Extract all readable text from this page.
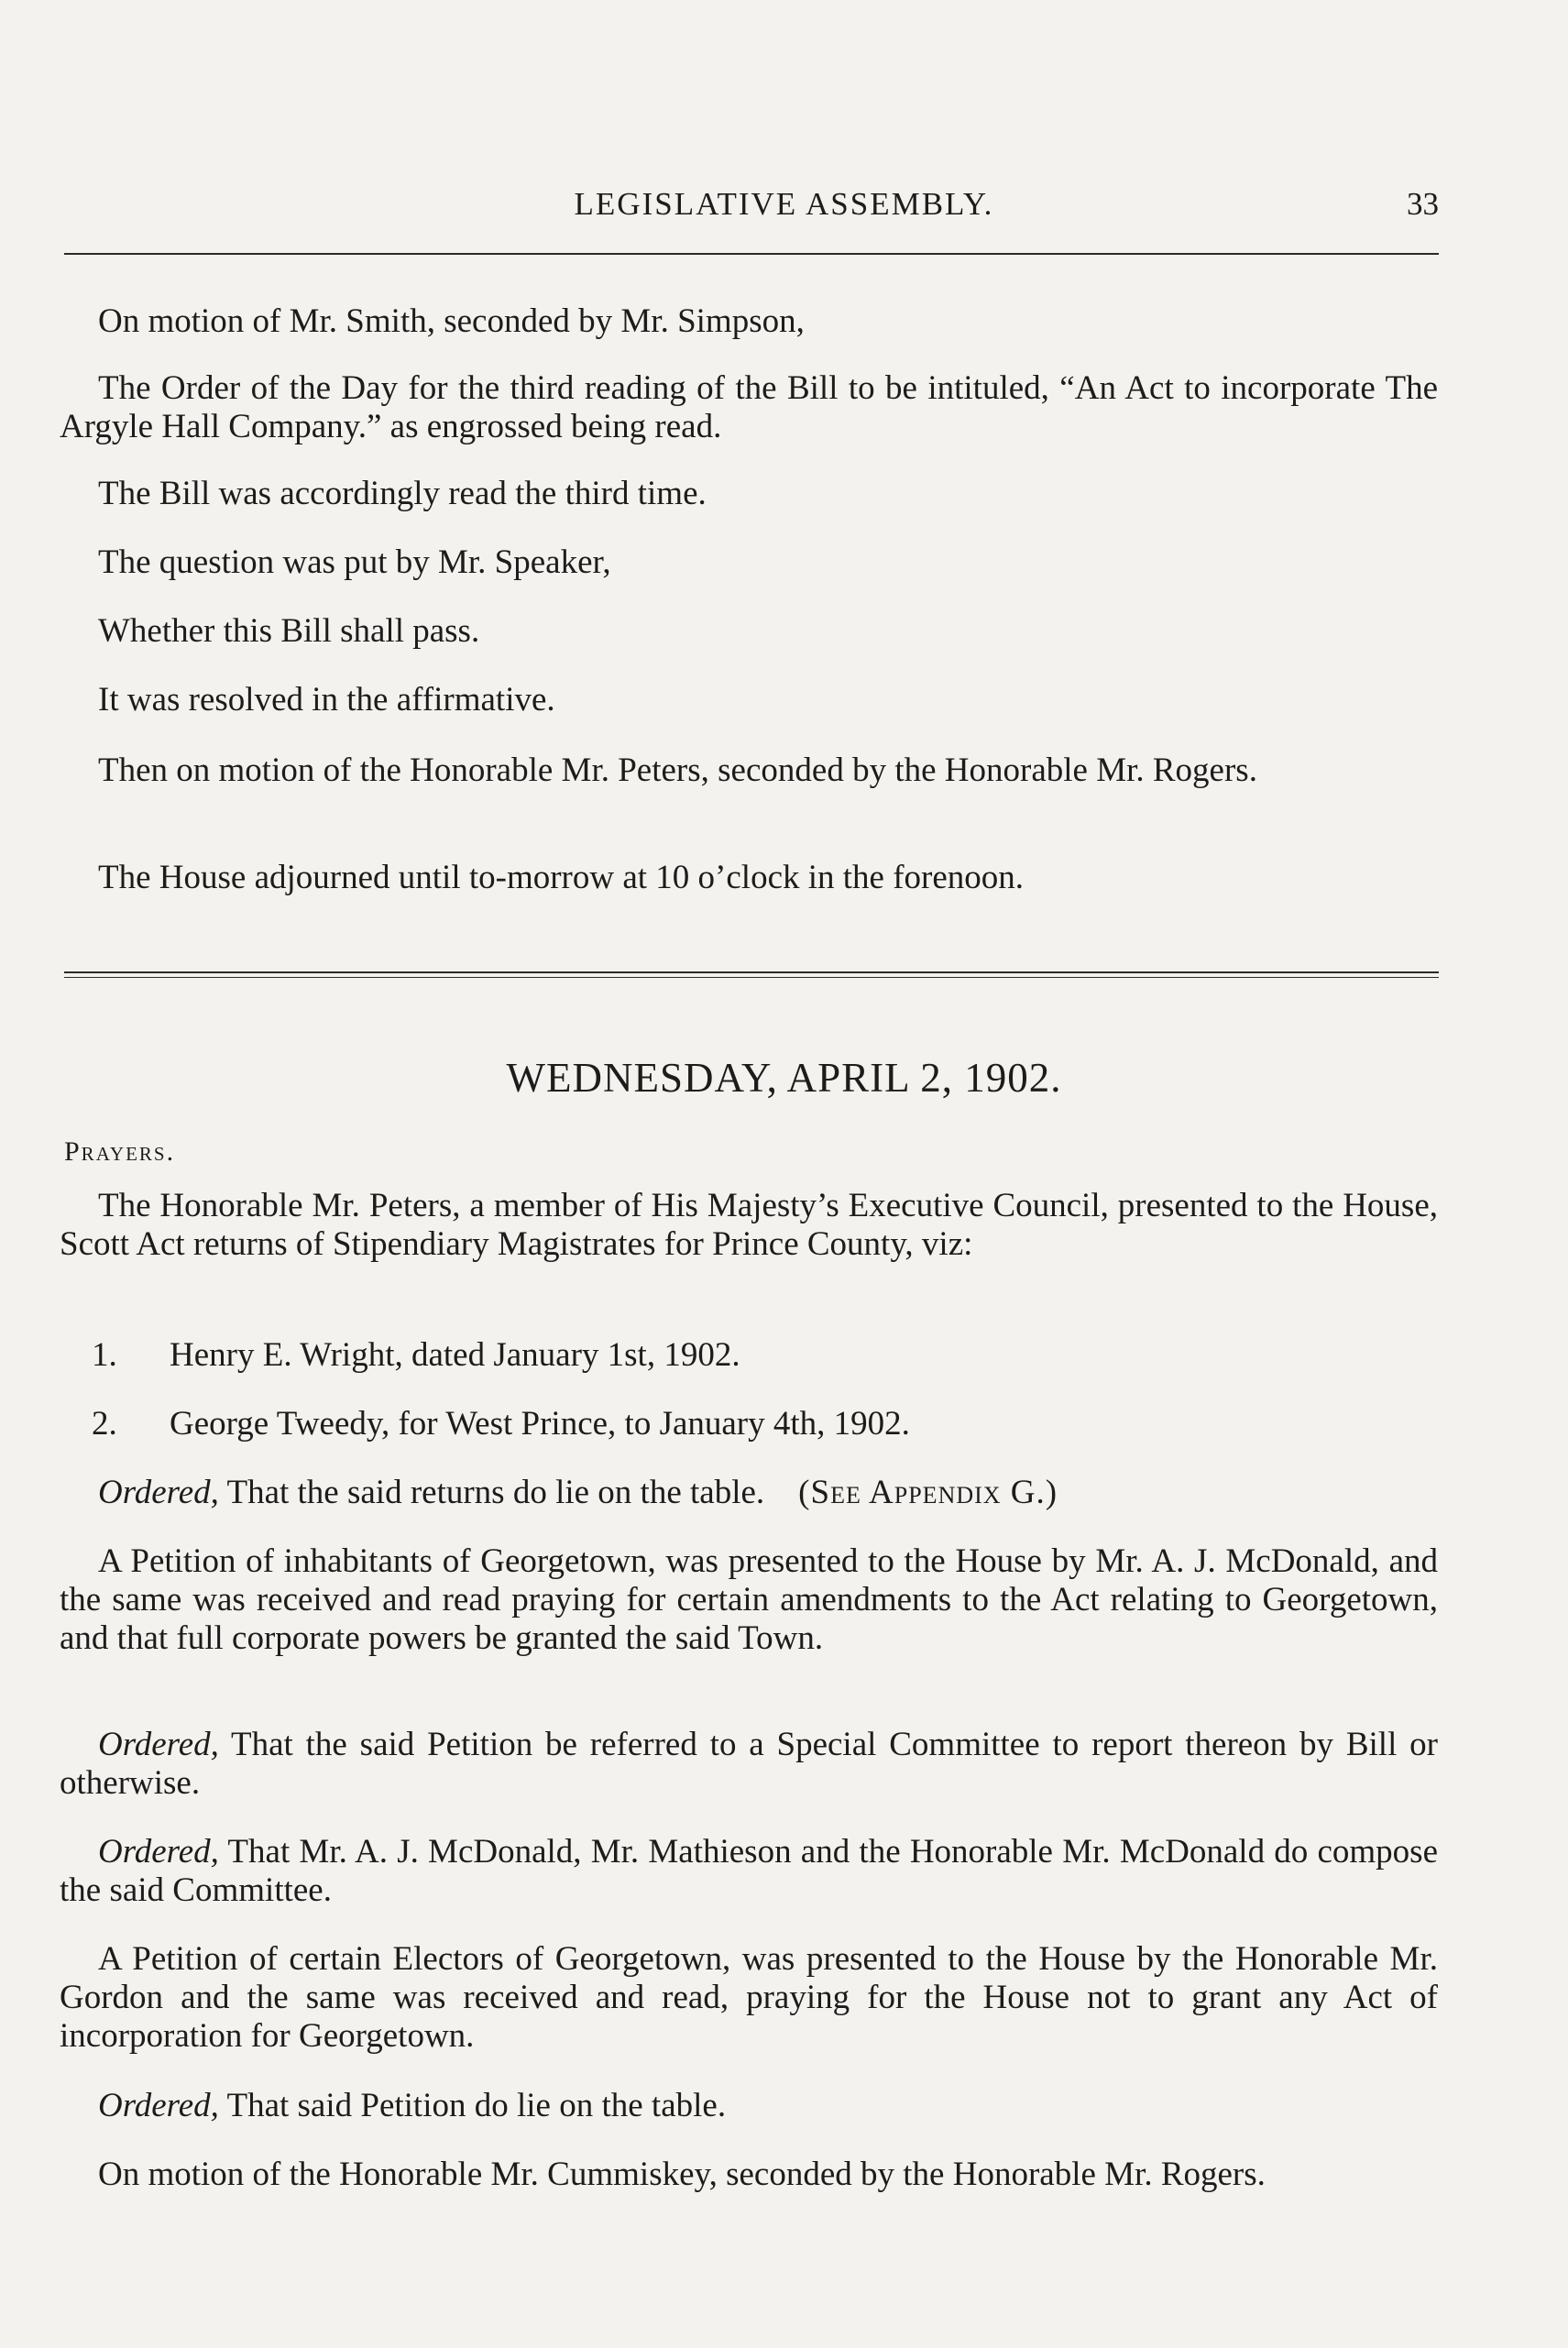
LEGISLATIVE ASSEMBLY.	33
On motion of Mr. Smith, seconded by Mr. Simpson,
The Order of the Day for the third reading of the Bill to be intituled, “An Act to incorporate The Argyle Hall Company.” as engrossed being read.
The Bill was accordingly read the third time.
The question was put by Mr. Speaker,
Whether this Bill shall pass.
It was resolved in the affirmative.
Then on motion of the Honorable Mr. Peters, seconded by the Honorable Mr. Rogers.
The House adjourned until to-morrow at 10 o’clock in the forenoon.
WEDNESDAY, APRIL 2, 1902.
Prayers.
The Honorable Mr. Peters, a member of His Majesty’s Executive Council, presented to the House, Scott Act returns of Stipendiary Magistrates for Prince County, viz:
1. Henry E. Wright, dated January 1st, 1902.
2. George Tweedy, for West Prince, to January 4th, 1902.
Ordered, That the said returns do lie on the table. (See Appendix G.)
A Petition of inhabitants of Georgetown, was presented to the House by Mr. A. J. McDonald, and the same was received and read praying for certain amendments to the Act relating to Georgetown, and that full corporate powers be granted the said Town.
Ordered, That the said Petition be referred to a Special Committee to report thereon by Bill or otherwise.
Ordered, That Mr. A. J. McDonald, Mr. Mathieson and the Honorable Mr. McDonald do compose the said Committee.
A Petition of certain Electors of Georgetown, was presented to the House by the Honorable Mr. Gordon and the same was received and read, praying for the House not to grant any Act of incorporation for Georgetown.
Ordered, That said Petition do lie on the table.
On motion of the Honorable Mr. Cummiskey, seconded by the Honorable Mr. Rogers.
